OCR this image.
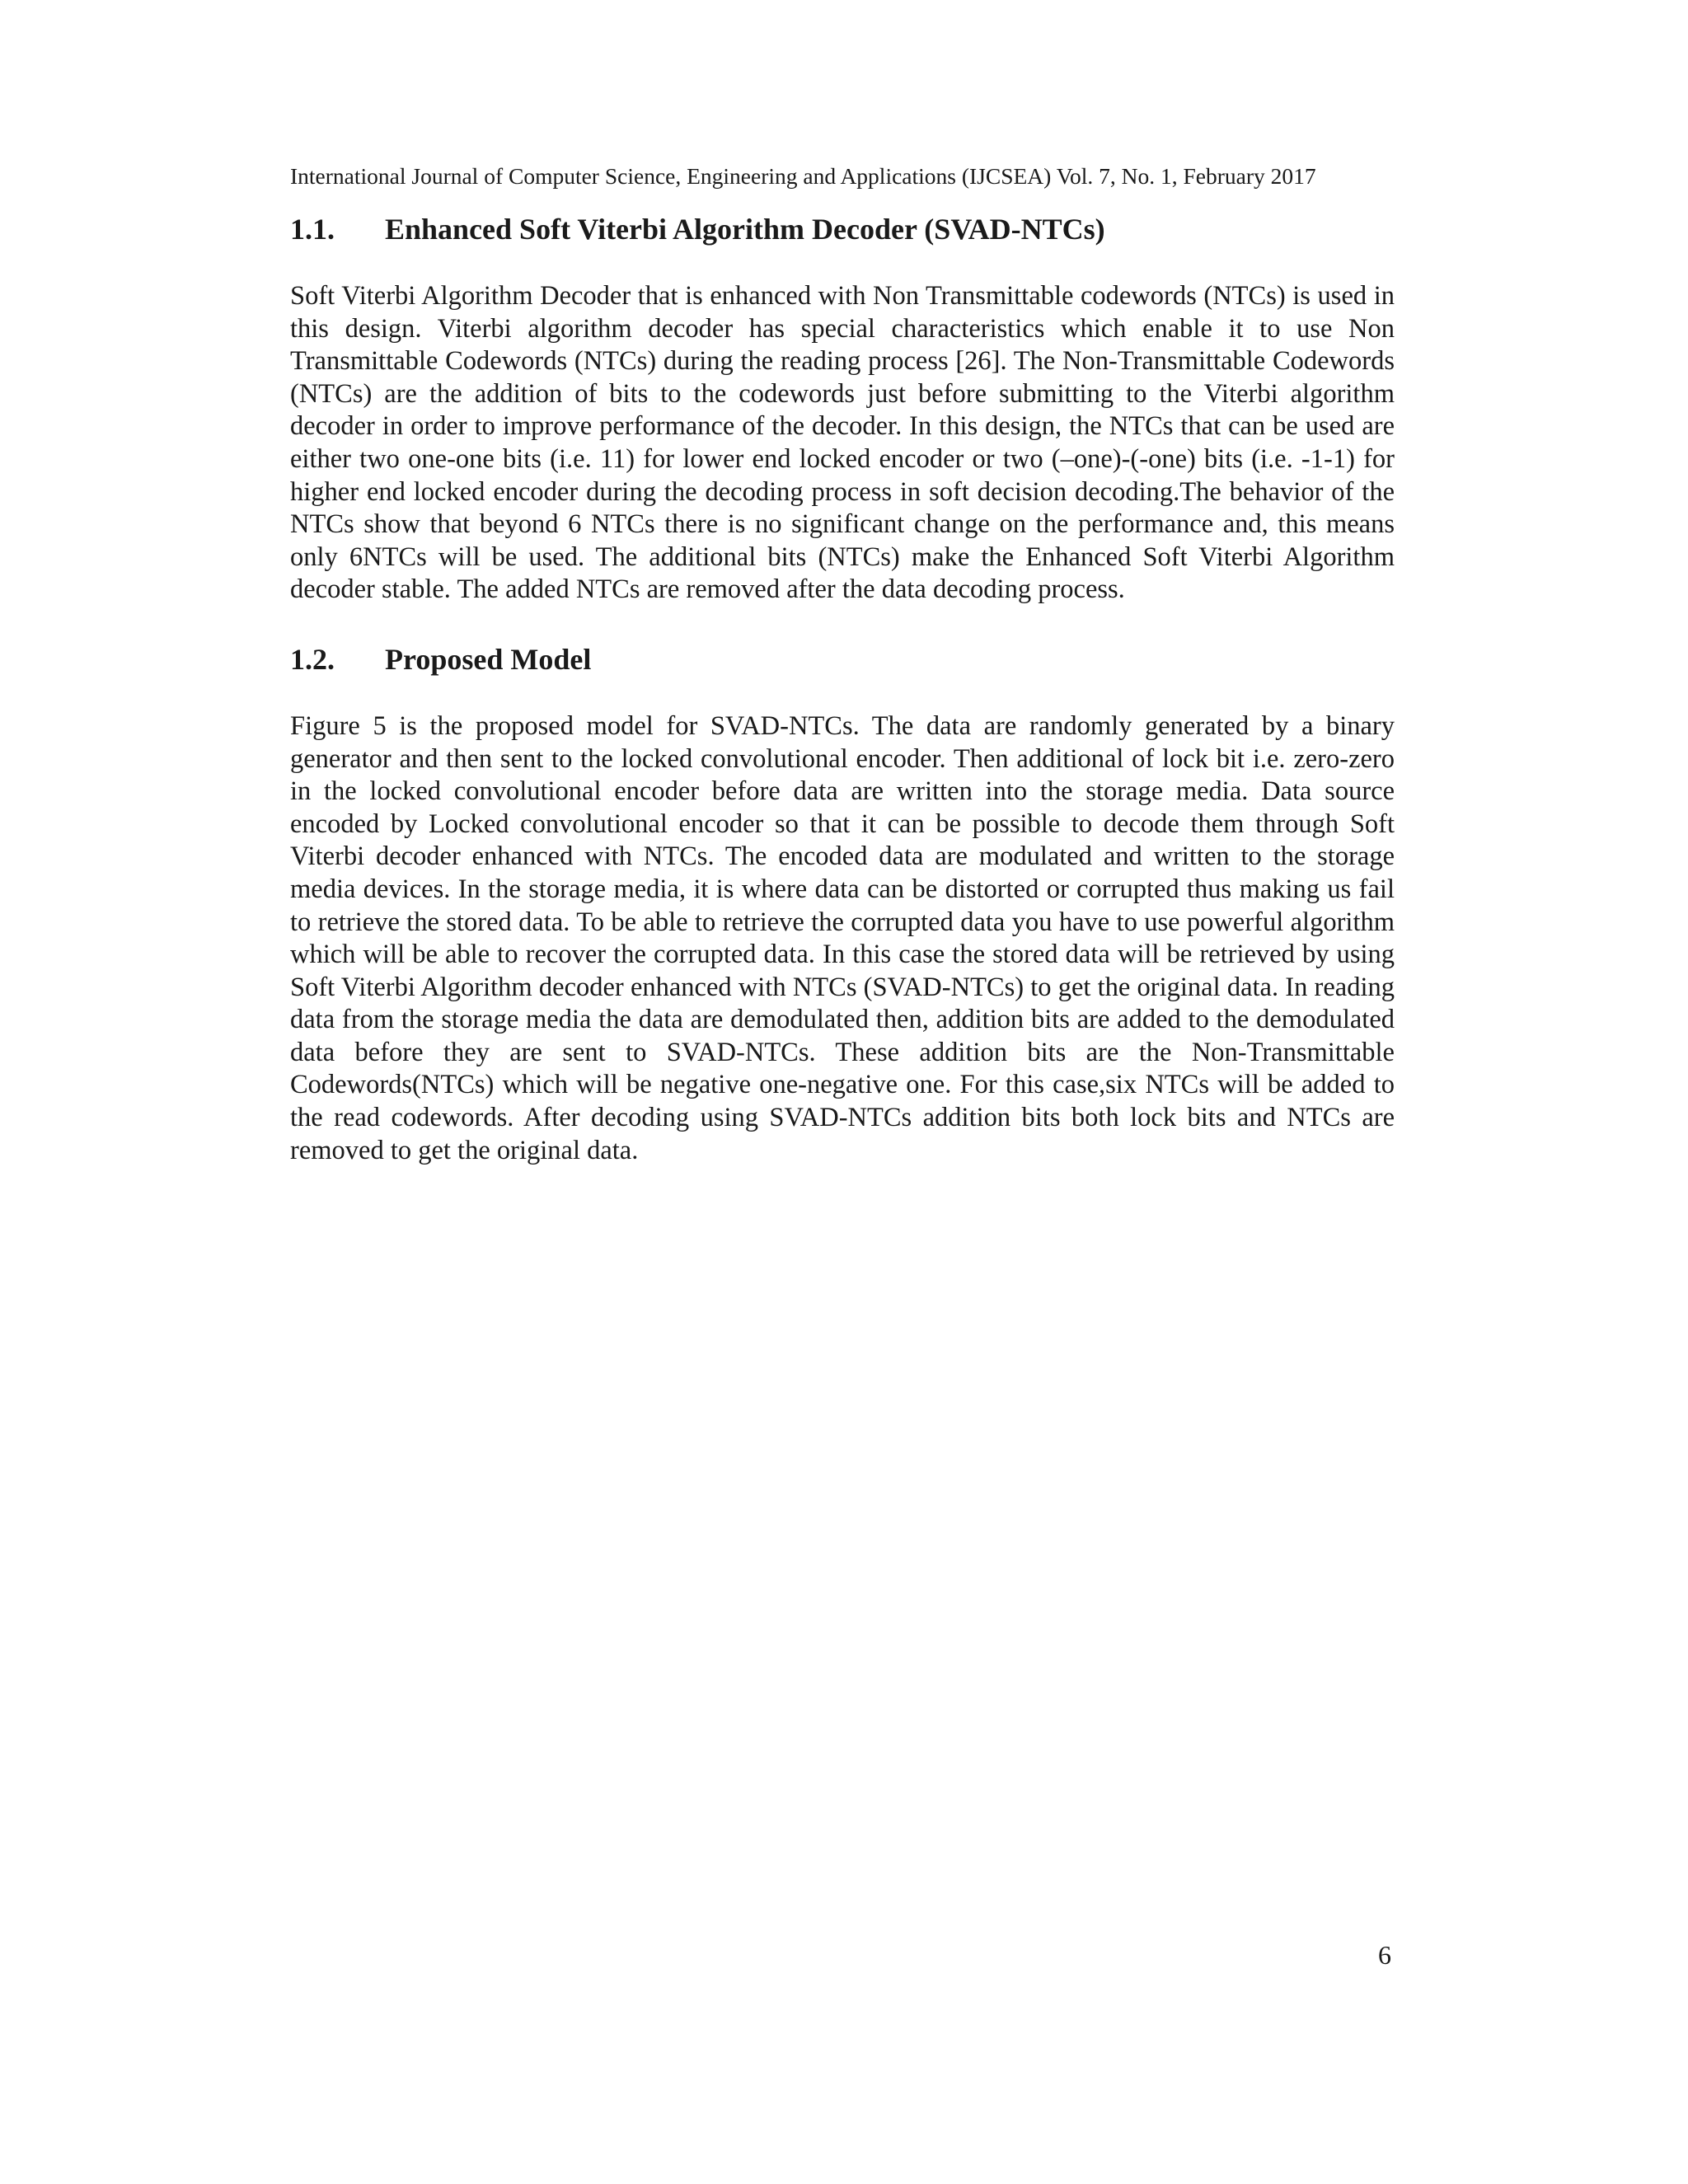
International Journal of Computer Science, Engineering and Applications (IJCSEA) Vol. 7, No. 1, February 2017

1.1.	Enhanced Soft Viterbi Algorithm Decoder (SVAD-NTCs)

Soft Viterbi Algorithm Decoder that is enhanced with Non Transmittable codewords (NTCs) is used in this design. Viterbi algorithm decoder has special characteristics which enable it to use Non Transmittable Codewords (NTCs) during the reading process [26]. The Non-Transmittable Codewords (NTCs) are the addition of bits to the codewords just before submitting to the Viterbi algorithm decoder in order to improve performance of the decoder. In this design, the NTCs that can be used are either two one-one bits (i.e. 11) for lower end locked encoder or two (–one)-(-one) bits (i.e. -1-1) for higher end locked encoder during the decoding process in soft decision decoding.The behavior of the NTCs show that beyond 6 NTCs there is no significant change on the performance and, this means only 6NTCs will be used. The additional bits (NTCs) make the Enhanced Soft Viterbi Algorithm decoder stable. The added NTCs are removed after the data decoding process.

1.2.	Proposed Model

Figure 5 is the proposed model for SVAD-NTCs. The data are randomly generated by a binary generator and then sent to the locked convolutional encoder. Then additional of lock bit i.e. zero-zero in the locked convolutional encoder before data are written into the storage media. Data source encoded by Locked convolutional encoder so that it can be possible to decode them through Soft Viterbi decoder enhanced with NTCs. The encoded data are modulated and written to the storage media devices. In the storage media, it is where data can be distorted or corrupted thus making us fail to retrieve the stored data. To be able to retrieve the corrupted data you have to use powerful algorithm which will be able to recover the corrupted data. In this case the stored data will be retrieved by using Soft Viterbi Algorithm decoder enhanced with NTCs (SVAD-NTCs) to get the original data. In reading data from the storage media the data are demodulated then, addition bits are added to the demodulated data before they are sent to SVAD-NTCs. These addition bits are the Non-Transmittable Codewords(NTCs) which will be negative one-negative one. For this case,six NTCs will be added to the read codewords. After decoding using SVAD-NTCs addition bits both lock bits and NTCs are removed to get the original data.

6
